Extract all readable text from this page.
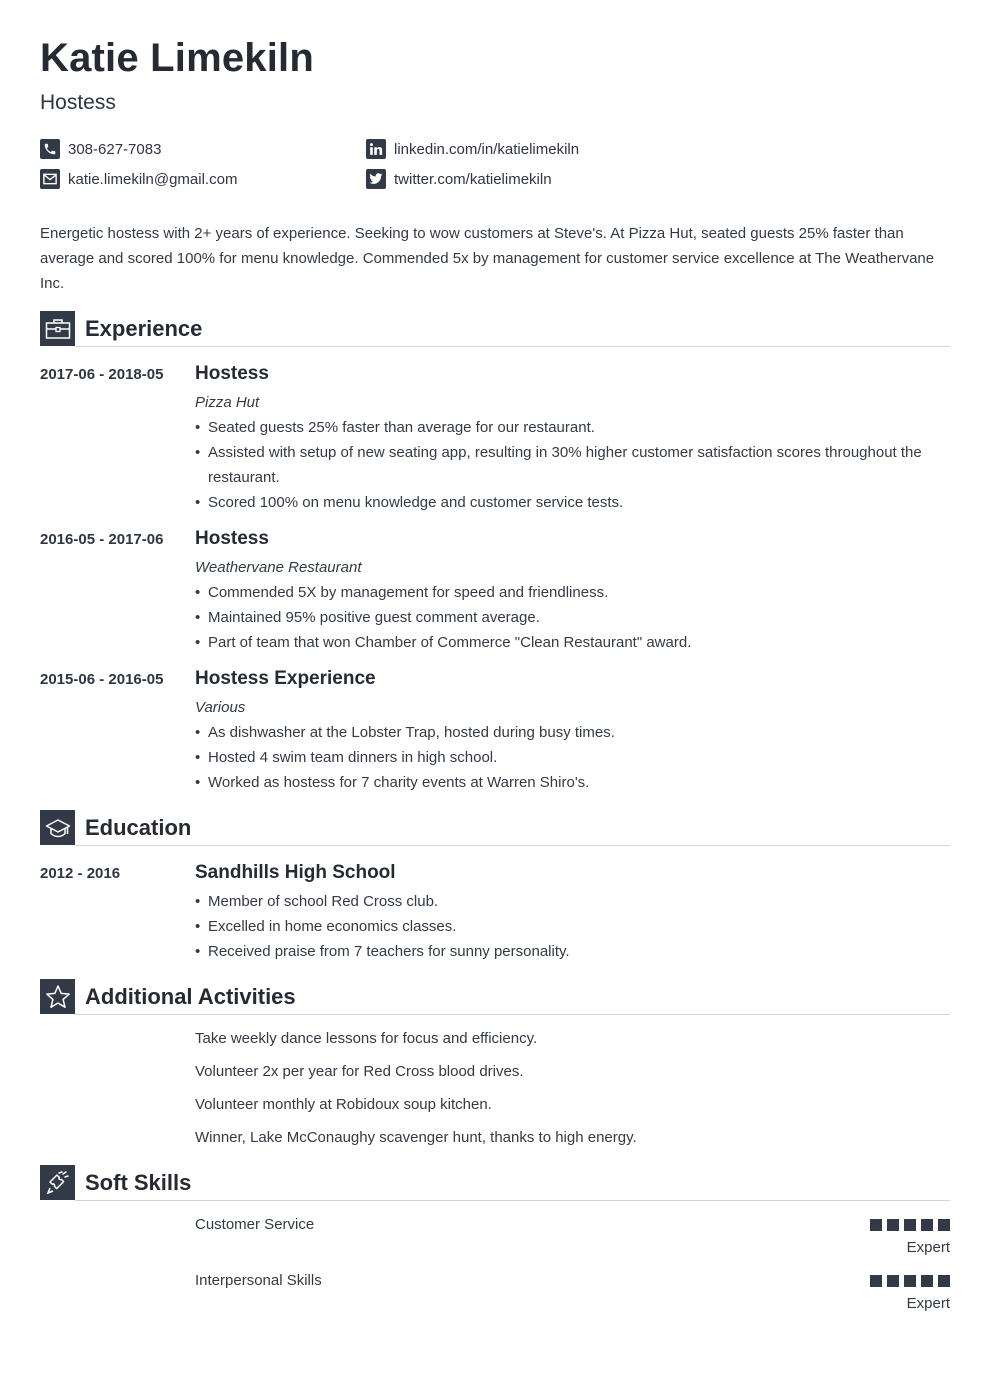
Katie Limekiln
Hostess
308-627-7083
katie.limekiln@gmail.com
linkedin.com/in/katielimekiln
twitter.com/katielimekiln

Energetic hostess with 2+ years of experience. Seeking to wow customers at Steve's. At Pizza Hut, seated guests 25% faster than average and scored 100% for menu knowledge. Commended 5x by management for customer service excellence at The Weathervane Inc.

Experience
2017-06 - 2018-05 Hostess
Pizza Hut
• Seated guests 25% faster than average for our restaurant.
• Assisted with setup of new seating app, resulting in 30% higher customer satisfaction scores throughout the restaurant.
• Scored 100% on menu knowledge and customer service tests.
2016-05 - 2017-06 Hostess
Weathervane Restaurant
• Commended 5X by management for speed and friendliness.
• Maintained 95% positive guest comment average.
• Part of team that won Chamber of Commerce "Clean Restaurant" award.
2015-06 - 2016-05 Hostess Experience
Various
• As dishwasher at the Lobster Trap, hosted during busy times.
• Hosted 4 swim team dinners in high school.
• Worked as hostess for 7 charity events at Warren Shiro's.
Education
2012 - 2016	Sandhills High School
• Member of school Red Cross club.
• Excelled in home economics classes.
• Received praise from 7 teachers for sunny personality.
Additional Activities
Take weekly dance lessons for focus and efficiency.
Volunteer 2x per year for Red Cross blood drives.
Volunteer monthly at Robidoux soup kitchen.
Winner, Lake McConaughy scavenger hunt, thanks to high energy.
Soft Skills
Customer Service
Expert
Interpersonal Skills
Expert
